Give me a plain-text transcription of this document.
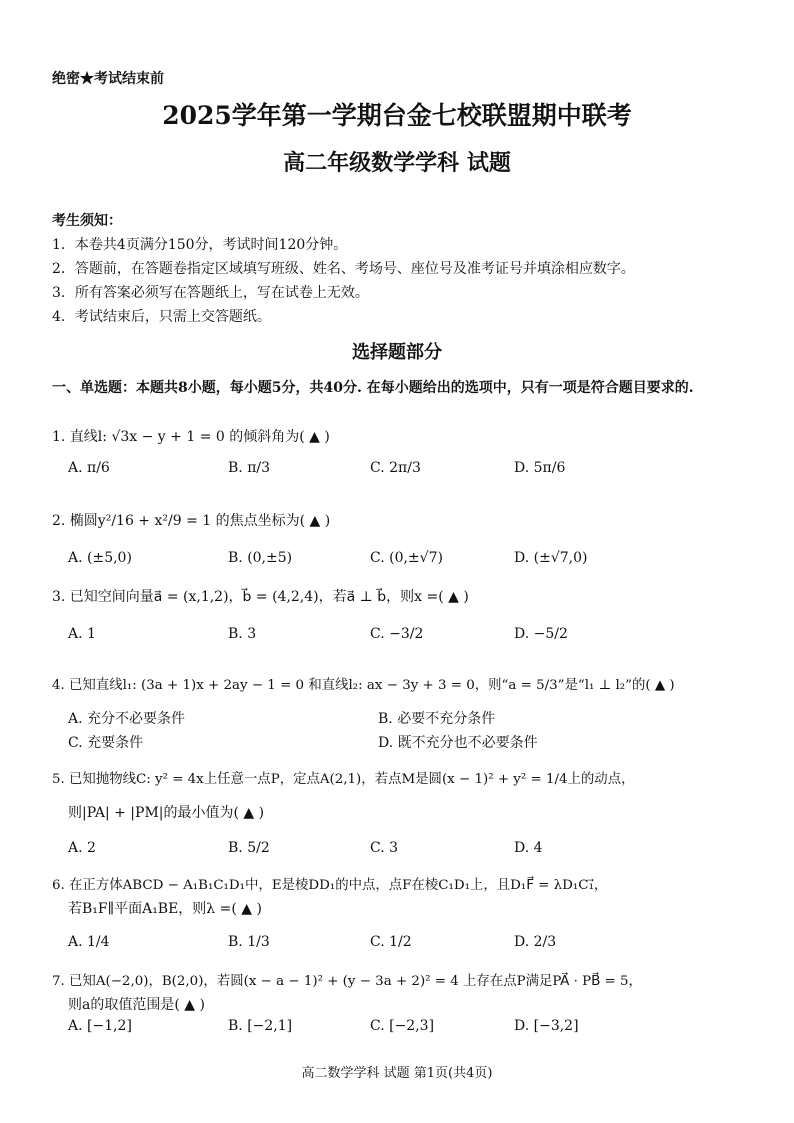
绝密★考试结束前
2025学年第一学期台金七校联盟期中联考
高二年级数学学科 试题
考生须知：
1．本卷共4页满分150分，考试时间120分钟。
2．答题前，在答题卷指定区域填写班级、姓名、考场号、座位号及准考证号并填涂相应数字。
3．所有答案必须写在答题纸上，写在试卷上无效。
4．考试结束后，只需上交答题纸。
选择题部分
一、单选题：本题共8小题，每小题5分，共40分. 在每小题给出的选项中，只有一项是符合题目要求的.
1. 直线l: √3x − y + 1 = 0 的倾斜角为( ▲ )
A. π/6	B. π/3	C. 2π/3	D. 5π/6
2. 椭圆y²/16 + x²/9 = 1 的焦点坐标为( ▲ )
A. (±5,0)	B. (0,±5)	C. (0,±√7)	D. (±√7,0)
3. 已知空间向量a⃗ = (x,1,2)，b⃗ = (4,2,4)，若a⃗ ⊥ b⃗，则x =( ▲ )
A. 1	B. 3	C. −3/2	D. −5/2
4. 已知直线l₁: (3a + 1)x + 2ay − 1 = 0 和直线l₂: ax − 3y + 3 = 0，则“a = 5/3”是“l₁ ⊥ l₂”的( ▲ )
A. 充分不必要条件	B. 必要不充分条件
C. 充要条件	D. 既不充分也不必要条件
5. 已知抛物线C: y² = 4x上任意一点P，定点A(2,1)，若点M是圆(x − 1)² + y² = 1/4上的动点，
则|PA| + |PM|的最小值为( ▲ )
A. 2	B. 5/2	C. 3	D. 4
6. 在正方体ABCD − A₁B₁C₁D₁中，E是棱DD₁的中点，点F在棱C₁D₁上，且D₁F⃗ = λD₁C₁⃗，
若B₁F∥平面A₁BE，则λ =( ▲ )
A. 1/4	B. 1/3	C. 1/2	D. 2/3
7. 已知A(−2,0)，B(2,0)，若圆(x − a − 1)² + (y − 3a + 2)² = 4 上存在点P满足PA⃗ · PB⃗ = 5，
则a的取值范围是( ▲ )
A. [−1,2]	B. [−2,1]	C. [−2,3]	D. [−3,2]
高二数学学科 试题 第1页(共4页)
